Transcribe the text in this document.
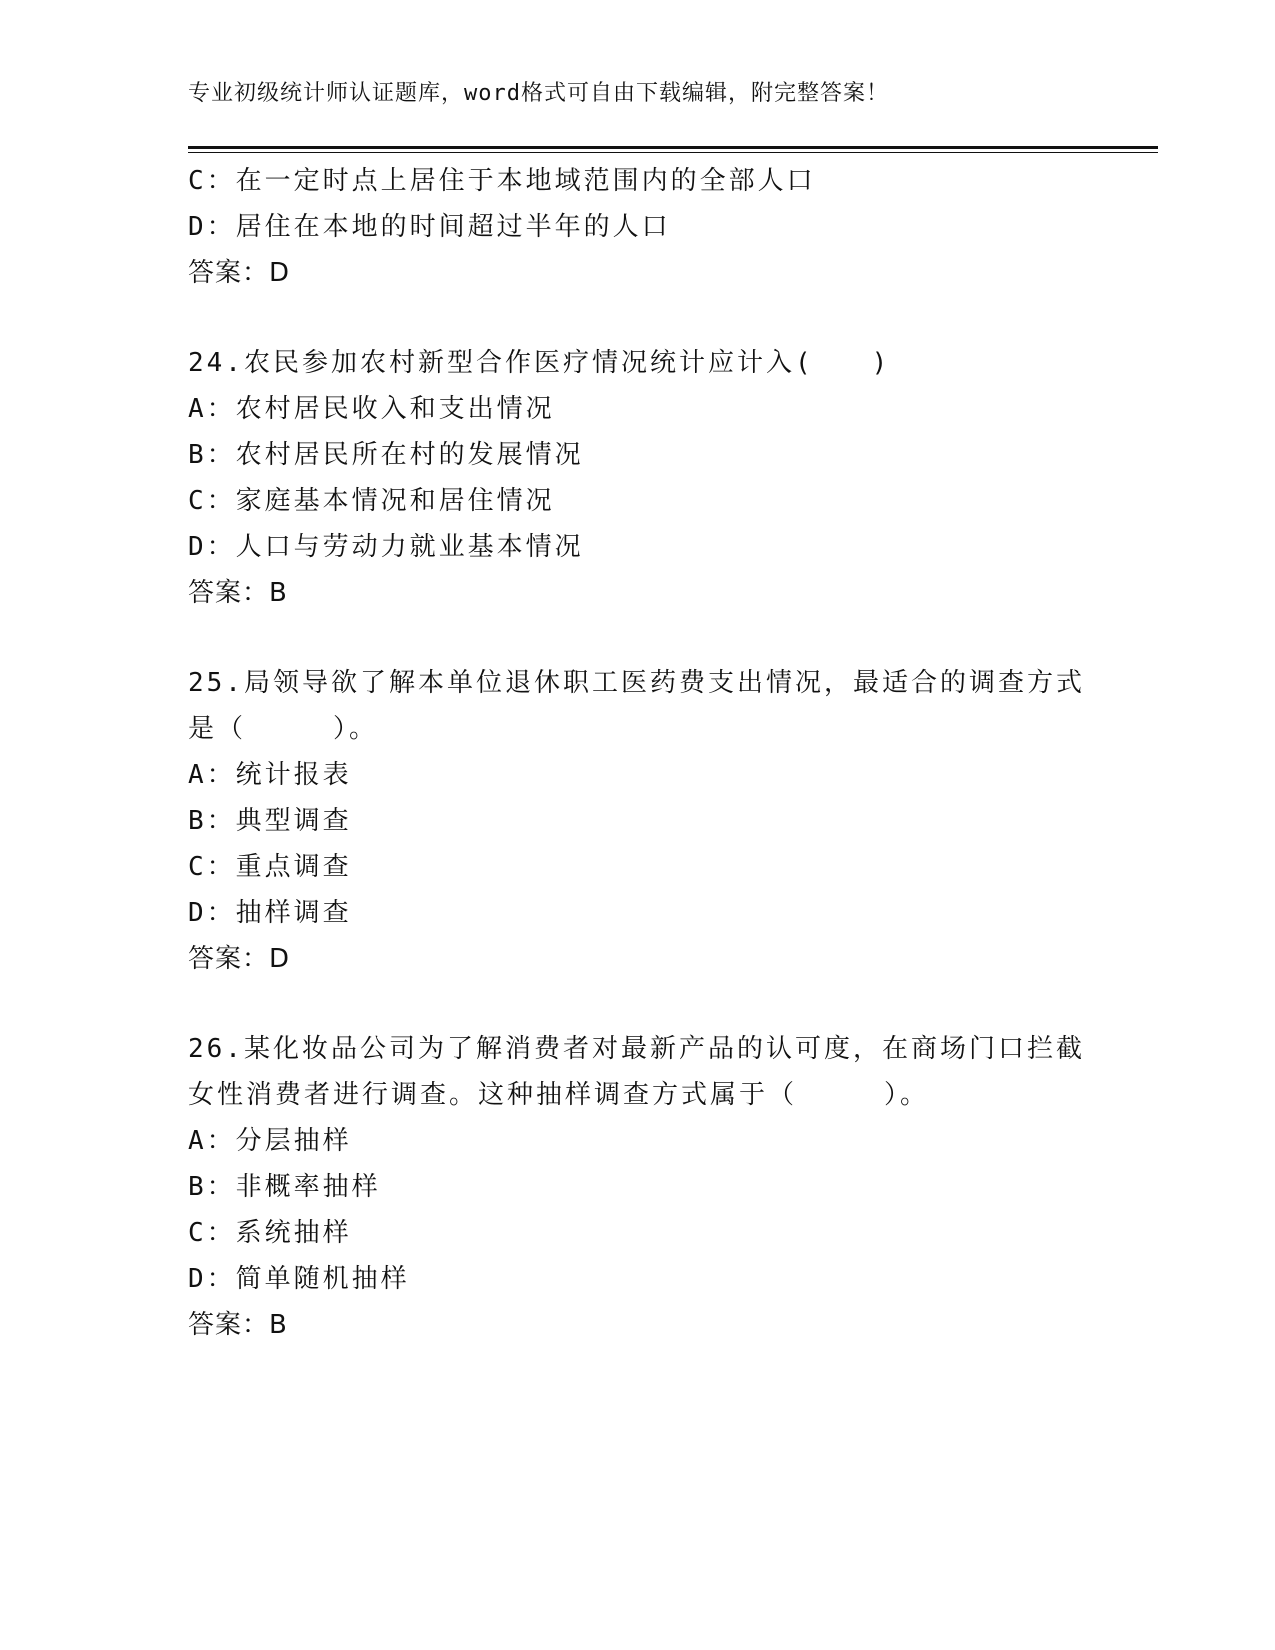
专业初级统计师认证题库，word格式可自由下载编辑，附完整答案！
C：在一定时点上居住于本地域范围内的全部人口
D：居住在本地的时间超过半年的人口
答案：D
24.农民参加农村新型合作医疗情况统计应计入(　　)
A：农村居民收入和支出情况
B：农村居民所在村的发展情况
C：家庭基本情况和居住情况
D：人口与劳动力就业基本情况
答案：B
25.局领导欲了解本单位退休职工医药费支出情况，最适合的调查方式
是（　　　）。
A：统计报表
B：典型调查
C：重点调查
D：抽样调查
答案：D
26.某化妆品公司为了解消费者对最新产品的认可度，在商场门口拦截
女性消费者进行调查。这种抽样调查方式属于（　　　）。
A：分层抽样
B：非概率抽样
C：系统抽样
D：简单随机抽样
答案：B
